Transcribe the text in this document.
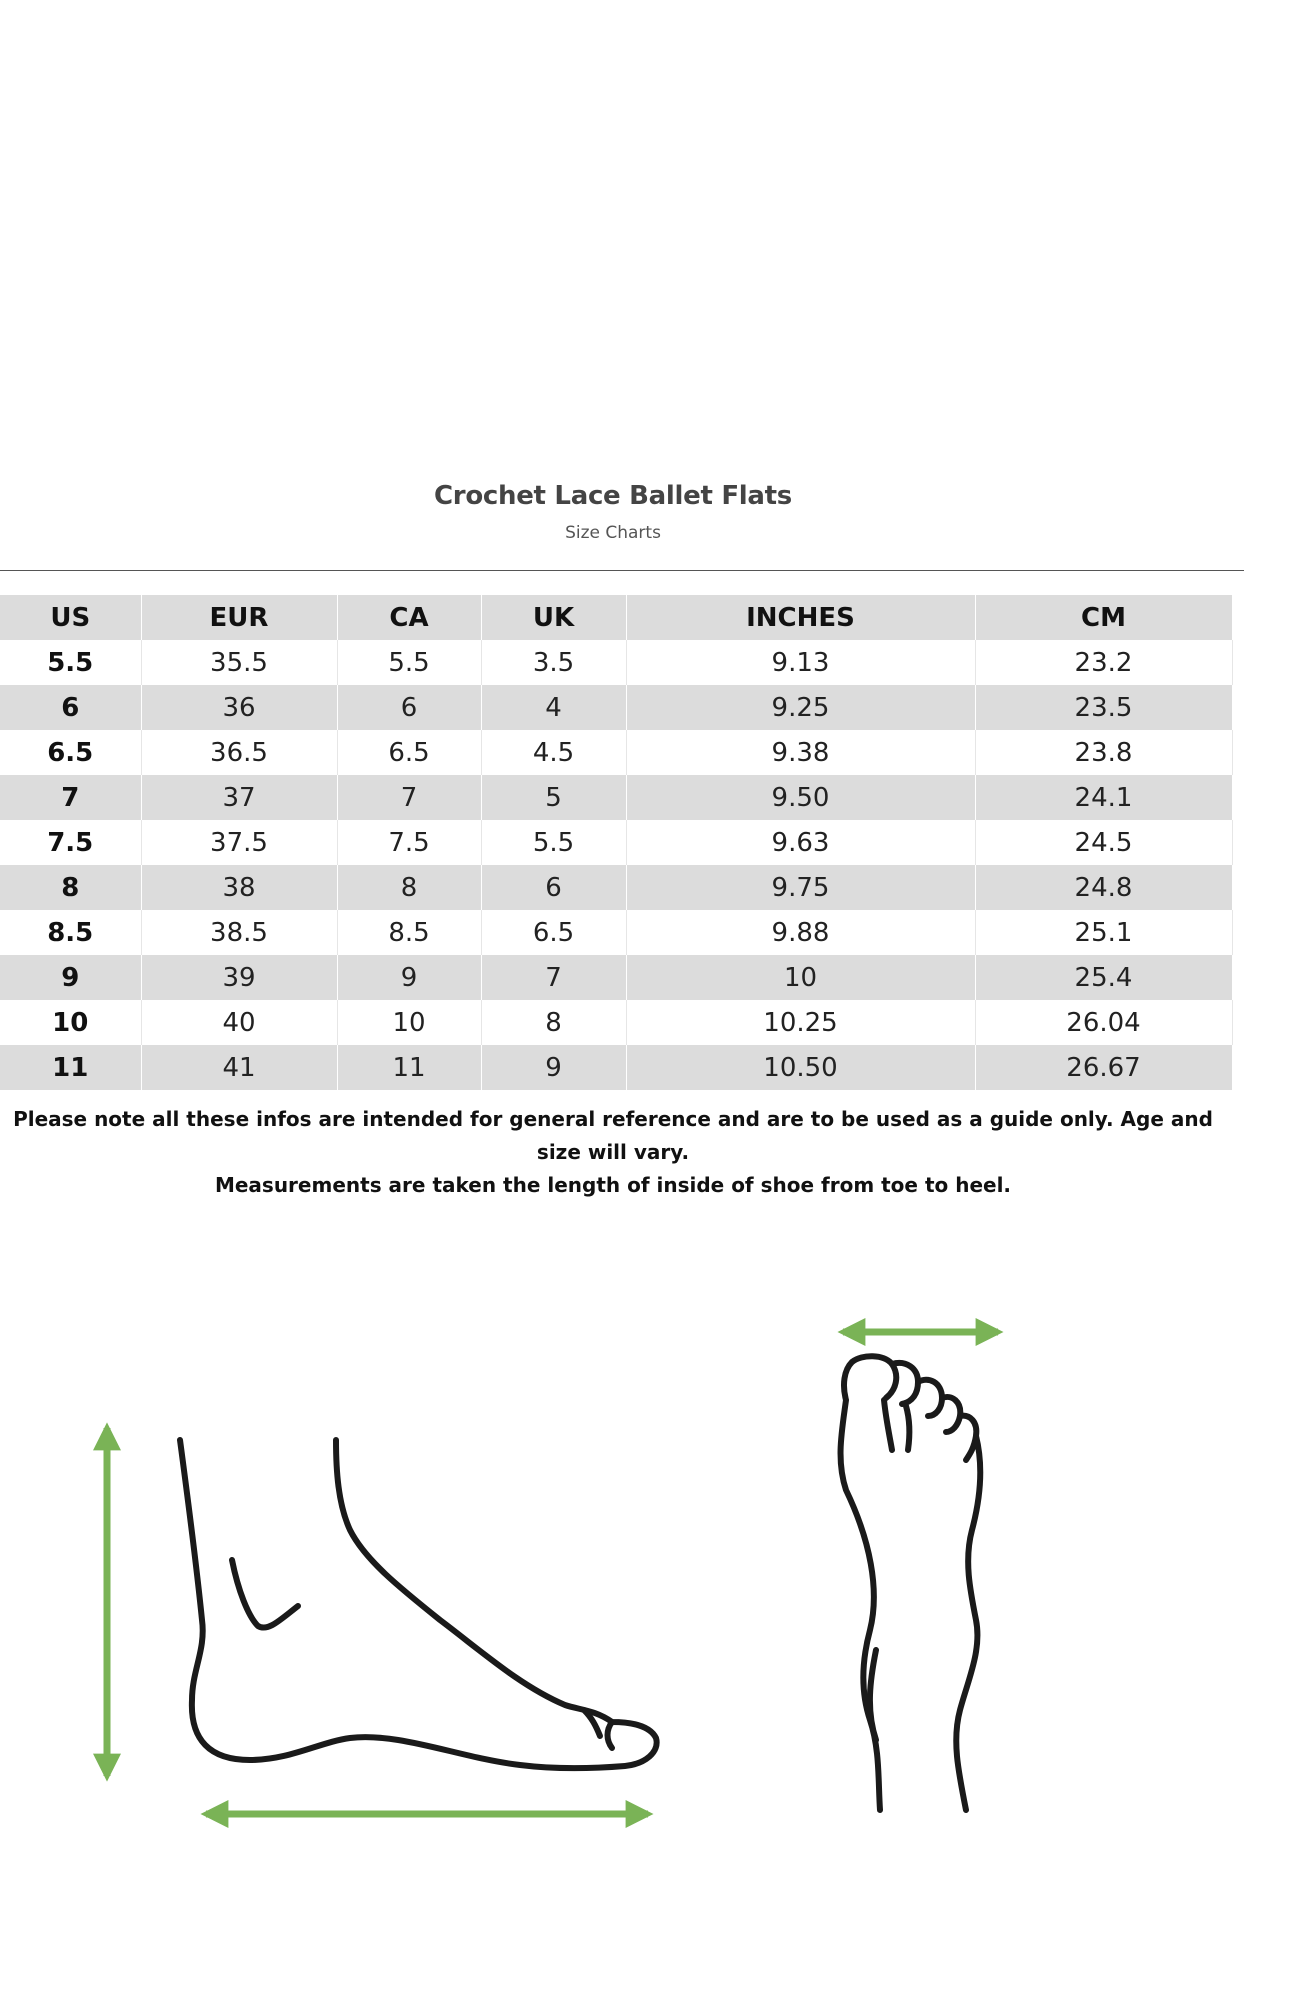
Crochet Lace Ballet Flats
Size Charts
US	EUR	CA	UK	INCHES	CM
5.5	35.5	5.5	3.5	9.13	23.2
6	36	6	4	9.25	23.5
6.5	36.5	6.5	4.5	9.38	23.8
7	37	7	5	9.50	24.1
7.5	37.5	7.5	5.5	9.63	24.5
8	38	8	6	9.75	24.8
8.5	38.5	8.5	6.5	9.88	25.1
9	39	9	7	10	25.4
10	40	10	8	10.25	26.04
11	41	11	9	10.50	26.67
Please note all these infos are intended for general reference and are to be used as a guide only. Age and size will vary.
Measurements are taken the length of inside of shoe from toe to heel.
